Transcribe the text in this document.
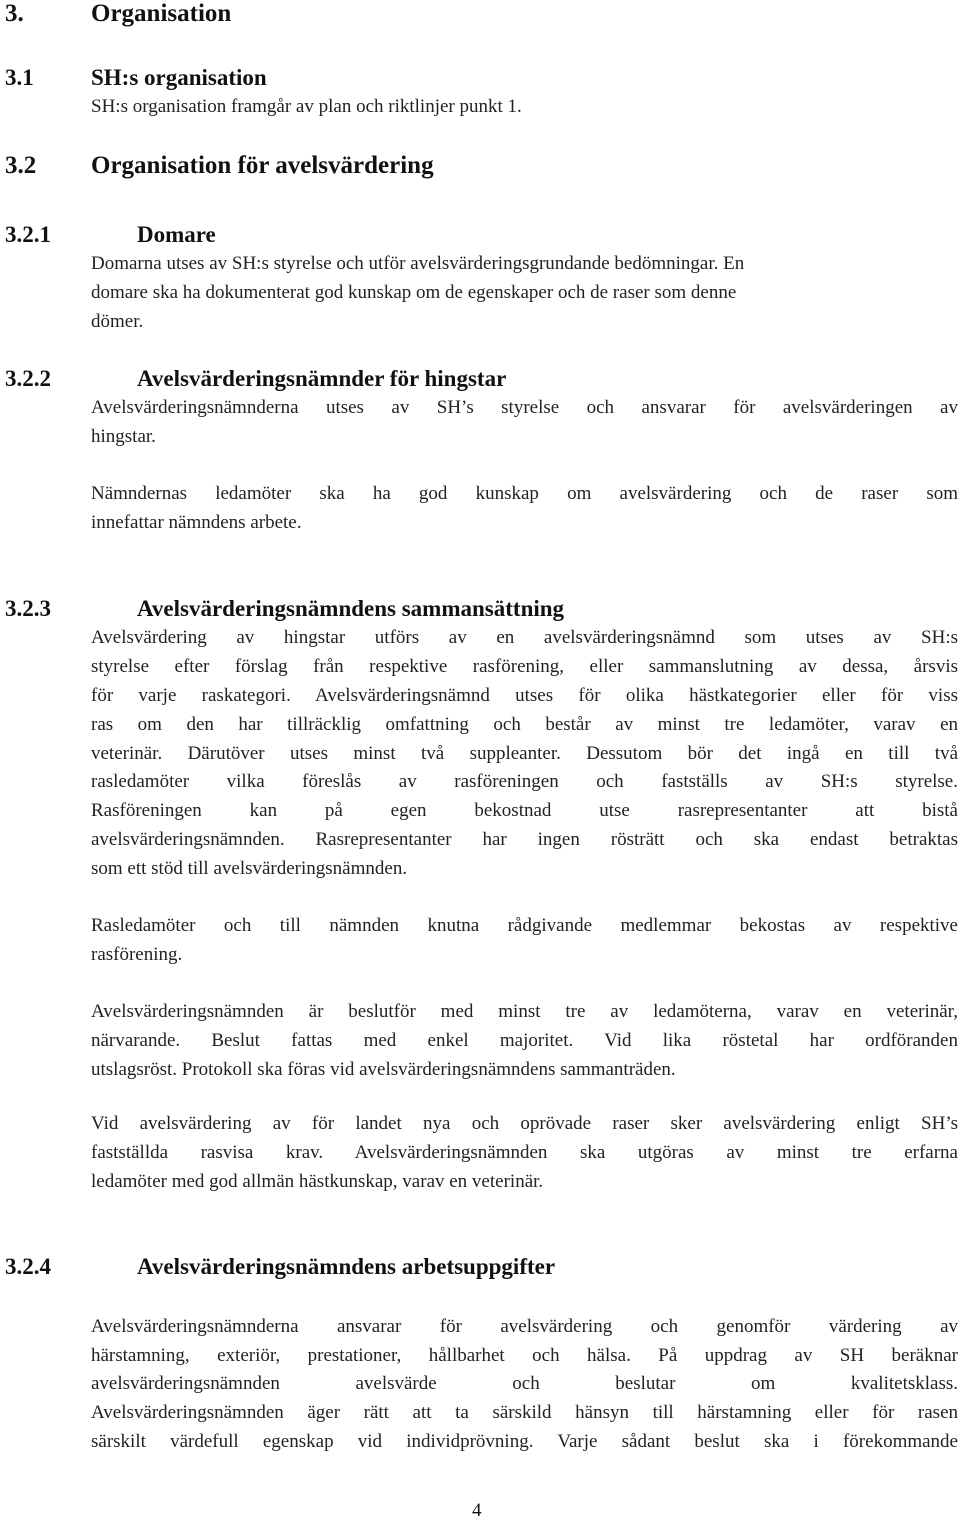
3.	Organisation
3.1 SH:s organisation
SH:s organisation framgår av plan och riktlinjer punkt 1.
3.2 Organisation för avelsvärdering
3.2.1	Domare
Domarna utses av SH:s styrelse och utför avelsvärderingsgrundande bedömningar. En
domare ska ha dokumenterat god kunskap om de egenskaper och de raser som denne
dömer.
3.2.2	Avelsvärderingsnämnder för hingstar
Avelsvärderingsnämnderna utses av SH’s styrelse och ansvarar för avelsvärderingen av
hingstar.
Nämndernas ledamöter ska ha god kunskap om avelsvärdering och de raser som
innefattar nämndens arbete.
3.2.3	Avelsvärderingsnämndens sammansättning
Avelsvärdering av hingstar utförs av en avelsvärderingsnämnd som utses av SH:s
styrelse efter förslag från respektive rasförening, eller sammanslutning av dessa, årsvis
för varje raskategori. Avelsvärderingsnämnd utses för olika hästkategorier eller för viss
ras om den har tillräcklig omfattning och består av minst tre ledamöter, varav en
veterinär. Därutöver utses minst två suppleanter. Dessutom bör det ingå en till två
rasledamöter vilka föreslås av rasföreningen och fastställs av SH:s styrelse.
Rasföreningen kan på egen bekostnad utse rasrepresentanter att bistå
avelsvärderingsnämnden. Rasrepresentanter har ingen rösträtt och ska endast betraktas
som ett stöd till avelsvärderingsnämnden.
Rasledamöter och till nämnden knutna rådgivande medlemmar bekostas av respektive
rasförening.
Avelsvärderingsnämnden är beslutför med minst tre av ledamöterna, varav en veterinär,
närvarande. Beslut fattas med enkel majoritet. Vid lika röstetal har ordföranden
utslagsröst. Protokoll ska föras vid avelsvärderingsnämndens sammanträden.
Vid avelsvärdering av för landet nya och oprövade raser sker avelsvärdering enligt SH’s
fastställda rasvisa krav. Avelsvärderingsnämnden ska utgöras av minst tre erfarna
ledamöter med god allmän hästkunskap, varav en veterinär.
3.2.4	Avelsvärderingsnämndens arbetsuppgifter
Avelsvärderingsnämnderna ansvarar för avelsvärdering och genomför värdering av
härstamning, exteriör, prestationer, hållbarhet och hälsa. På uppdrag av SH beräknar
avelsvärderingsnämnden avelsvärde och beslutar om kvalitetsklass.
Avelsvärderingsnämnden äger rätt att ta särskild hänsyn till härstamning eller för rasen
särskilt värdefull egenskap vid individprövning. Varje sådant beslut ska i förekommande
4
